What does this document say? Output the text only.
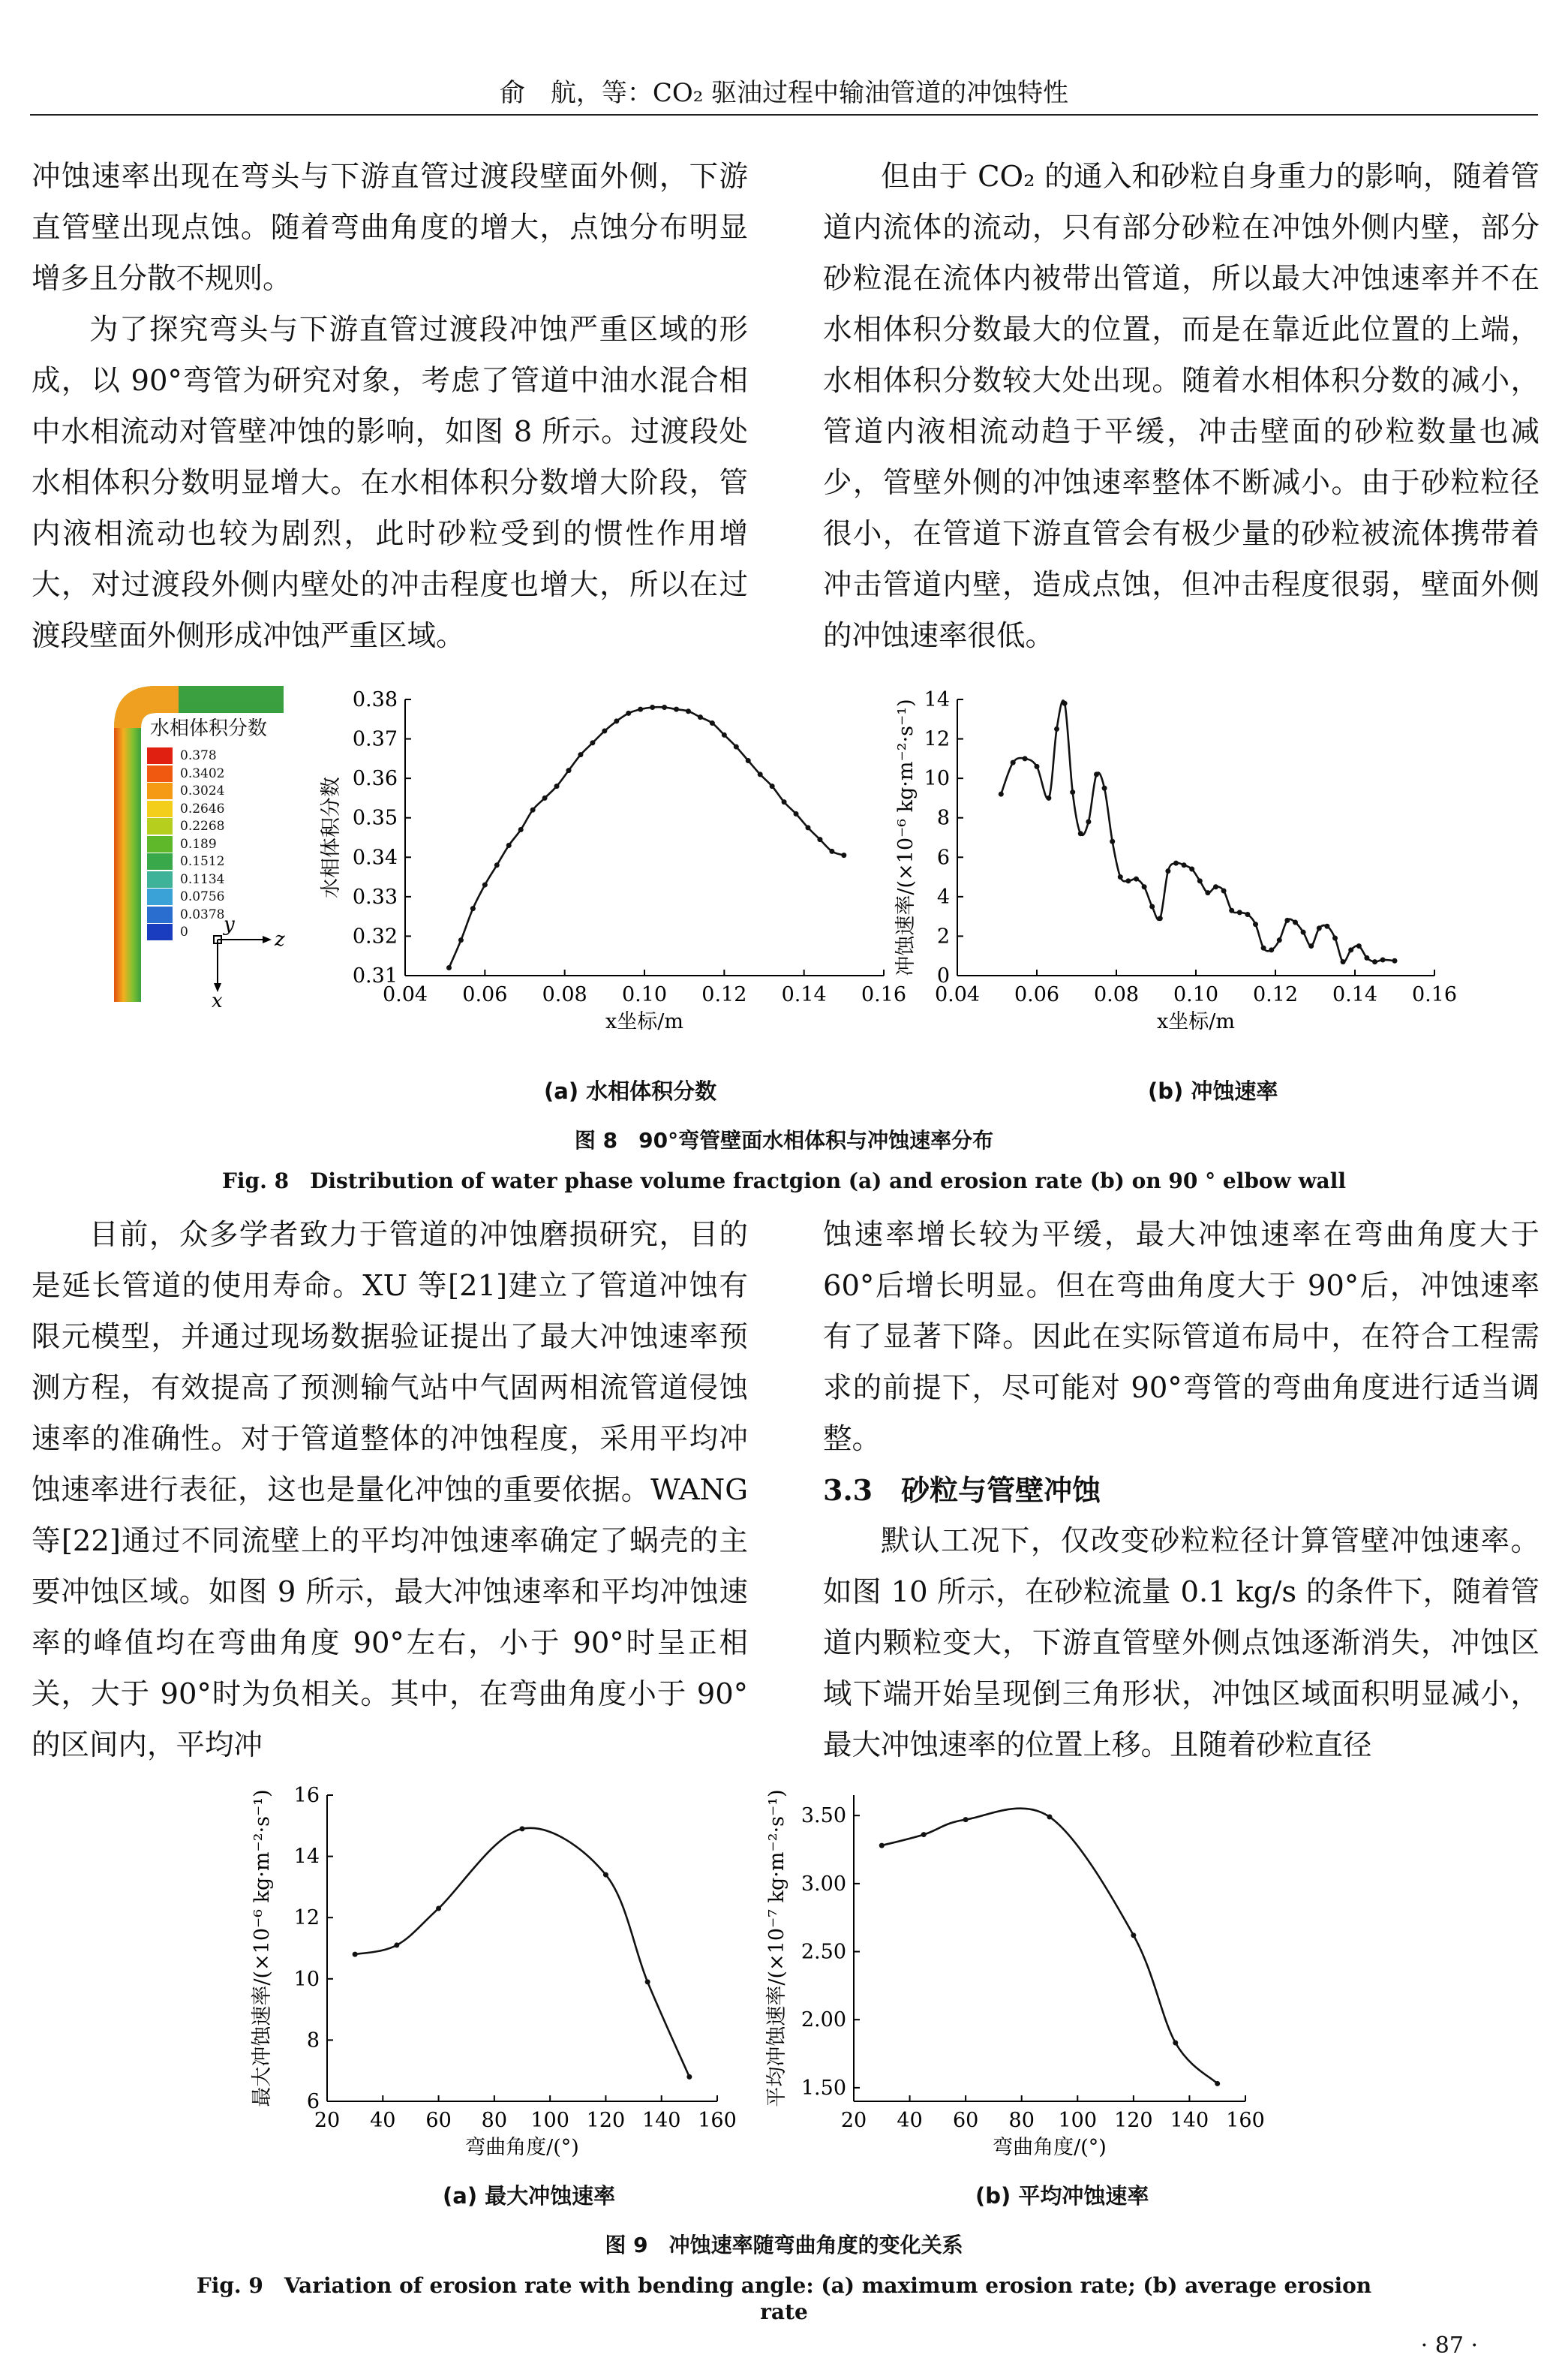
俞　航，等：CO₂ 驱油过程中输油管道的冲蚀特性

冲蚀速率出现在弯头与下游直管过渡段壁面外侧，下游直管壁出现点蚀。随着弯曲角度的增大，点蚀分布明显增多且分散不规则。

为了探究弯头与下游直管过渡段冲蚀严重区域的形成，以 90°弯管为研究对象，考虑了管道中油水混合相中水相流动对管壁冲蚀的影响，如图 8 所示。过渡段处水相体积分数明显增大。在水相体积分数增大阶段，管内液相流动也较为剧烈，此时砂粒受到的惯性作用增大，对过渡段外侧内壁处的冲击程度也增大，所以在过渡段壁面外侧形成冲蚀严重区域。

但由于 CO₂ 的通入和砂粒自身重力的影响，随着管道内流体的流动，只有部分砂粒在冲蚀外侧内壁，部分砂粒混在流体内被带出管道，所以最大冲蚀速率并不在水相体积分数最大的位置，而是在靠近此位置的上端，水相体积分数较大处出现。随着水相体积分数的减小，管道内液相流动趋于平缓，冲击壁面的砂粒数量也减少，管壁外侧的冲蚀速率整体不断减小。由于砂粒粒径很小，在管道下游直管会有极少量的砂粒被流体携带着冲击管道内壁，造成点蚀，但冲击程度很弱，壁面外侧的冲蚀速率很低。

水相体积分数
0.378
0.3402
0.3024
0.2646
0.2268
0.189
0.1512
0.1134
0.0756
0.0378
0 y
z
x	0.04 0.06 0.08 0.10 0.12 0.14 0.16
0.31
0.32
0.33
0.34
0.35
0.36
0.37
0.38
x坐标/m
水相体积分数
0.04 0.06 0.08 0.10 0.12 0.14 0.16
0
2
4
6
8
10
12
14
x坐标/m
冲蚀速率/(×10⁻⁶ kg·m⁻²·s⁻¹)
(a) 水相体积分数	(b) 冲蚀速率
图 8　90°弯管壁面水相体积与冲蚀速率分布
Fig. 8　Distribution of water phase volume fractgion (a) and erosion rate (b) on 90 ° elbow wall

目前，众多学者致力于管道的冲蚀磨损研究，目的是延长管道的使用寿命。XU 等[21]建立了管道冲蚀有限元模型，并通过现场数据验证提出了最大冲蚀速率预测方程，有效提高了预测输气站中气固两相流管道侵蚀速率的准确性。对于管道整体的冲蚀程度，采用平均冲蚀速率进行表征，这也是量化冲蚀的重要依据。WANG 等[22]通过不同流壁上的平均冲蚀速率确定了蜗壳的主要冲蚀区域。如图 9 所示，最大冲蚀速率和平均冲蚀速率的峰值均在弯曲角度 90°左右，小于 90°时呈正相关，大于 90°时为负相关。其中，在弯曲角度小于 90°的区间内，平均冲

蚀速率增长较为平缓，最大冲蚀速率在弯曲角度大于 60°后增长明显。但在弯曲角度大于 90°后，冲蚀速率有了显著下降。因此在实际管道布局中，在符合工程需求的前提下，尽可能对 90°弯管的弯曲角度进行适当调整。

3.3　砂粒与管壁冲蚀

默认工况下，仅改变砂粒粒径计算管壁冲蚀速率。如图 10 所示，在砂粒流量 0.1 kg/s 的条件下，随着管道内颗粒变大，下游直管壁外侧点蚀逐渐消失，冲蚀区域下端开始呈现倒三角形状，冲蚀区域面积明显减小，最大冲蚀速率的位置上移。且随着砂粒直径

20 40 60 80 100 120 140 160
6
8
10
12
14
16
弯曲角度/(°)
最大冲蚀速率/(×10⁻⁶ kg·m⁻²·s⁻¹)
20 40 60 80 100 120 140 160
1.50
2.00
2.50
3.00
3.50
弯曲角度/(°)
平均冲蚀速率/(×10⁻⁷ kg·m⁻²·s⁻¹)
(a) 最大冲蚀速率	(b) 平均冲蚀速率
图 9　冲蚀速率随弯曲角度的变化关系
Fig. 9　Variation of erosion rate with bending angle: (a) maximum erosion rate; (b) average erosion rate
· 87 ·
